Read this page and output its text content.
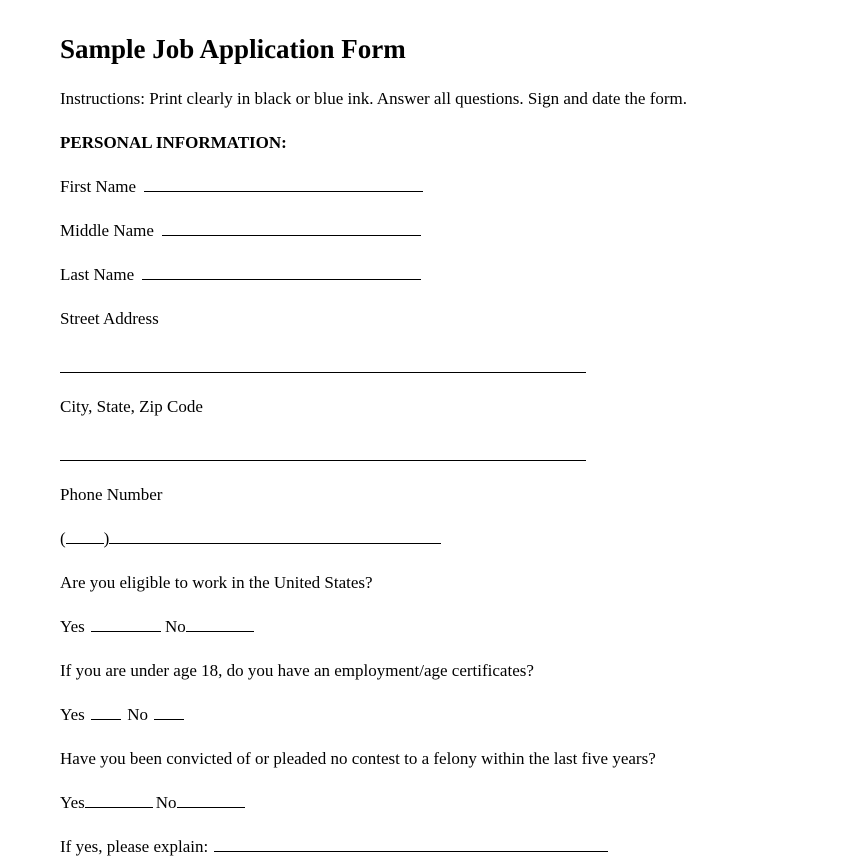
Sample Job Application Form
Instructions: Print clearly in black or blue ink. Answer all questions. Sign and date the form.
PERSONAL INFORMATION:
First Name
Middle Name
Last Name
Street Address
City, State, Zip Code
Phone Number
( )
Are you eligible to work in the United States?
Yes	No
If you are under age 18, do you have an employment/age certificates?
Yes	No
Have you been convicted of or pleaded no contest to a felony within the last five years?
Yes	No
If yes, please explain:
